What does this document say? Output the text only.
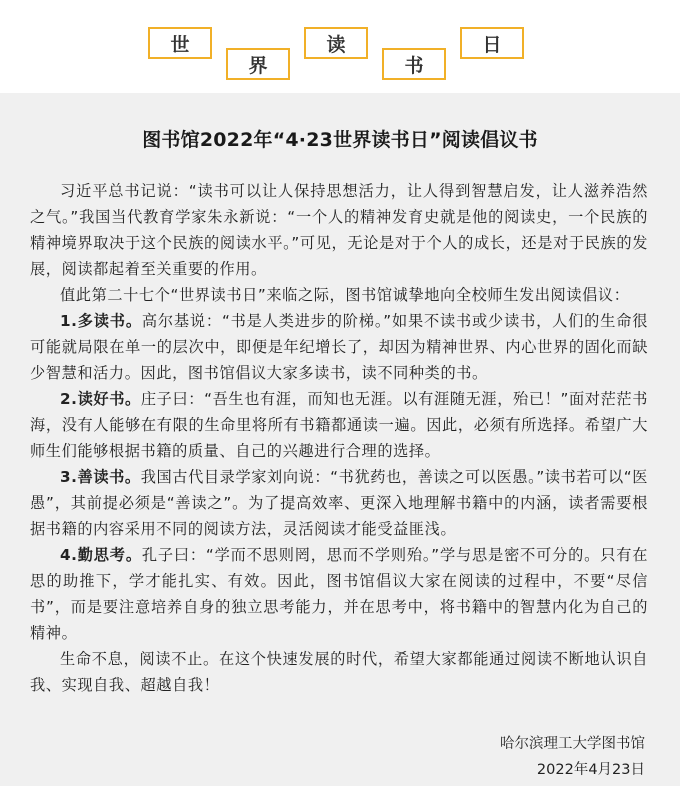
世
界
读
书
日
图书馆2022年“4·23世界读书日”阅读倡议书

习近平总书记说：“读书可以让人保持思想活力，让人得到智慧启发，让人滋养浩然之气。”我国当代教育学家朱永新说：“一个人的精神发育史就是他的阅读史，一个民族的精神境界取决于这个民族的阅读水平。”可见，无论是对于个人的成长，还是对于民族的发展，阅读都起着至关重要的作用。

值此第二十七个“世界读书日”来临之际，图书馆诚挚地向全校师生发出阅读倡议：

1.多读书。高尔基说：“书是人类进步的阶梯。”如果不读书或少读书，人们的生命很可能就局限在单一的层次中，即便是年纪增长了，却因为精神世界、内心世界的固化而缺少智慧和活力。因此，图书馆倡议大家多读书，读不同种类的书。

2.读好书。庄子曰：“吾生也有涯，而知也无涯。以有涯随无涯，殆已！”面对茫茫书海，没有人能够在有限的生命里将所有书籍都通读一遍。因此，必须有所选择。希望广大师生们能够根据书籍的质量、自己的兴趣进行合理的选择。

3.善读书。我国古代目录学家刘向说：“书犹药也，善读之可以医愚。”读书若可以“医愚”，其前提必须是“善读之”。为了提高效率、更深入地理解书籍中的内涵，读者需要根据书籍的内容采用不同的阅读方法，灵活阅读才能受益匪浅。

4.勤思考。孔子曰：“学而不思则罔，思而不学则殆。”学与思是密不可分的。只有在思的助推下，学才能扎实、有效。因此，图书馆倡议大家在阅读的过程中，不要“尽信书”，而是要注意培养自身的独立思考能力，并在思考中，将书籍中的智慧内化为自己的精神。

生命不息，阅读不止。在这个快速发展的时代，希望大家都能通过阅读不断地认识自我、实现自我、超越自我！

哈尔滨理工大学图书馆
2022年4月23日
